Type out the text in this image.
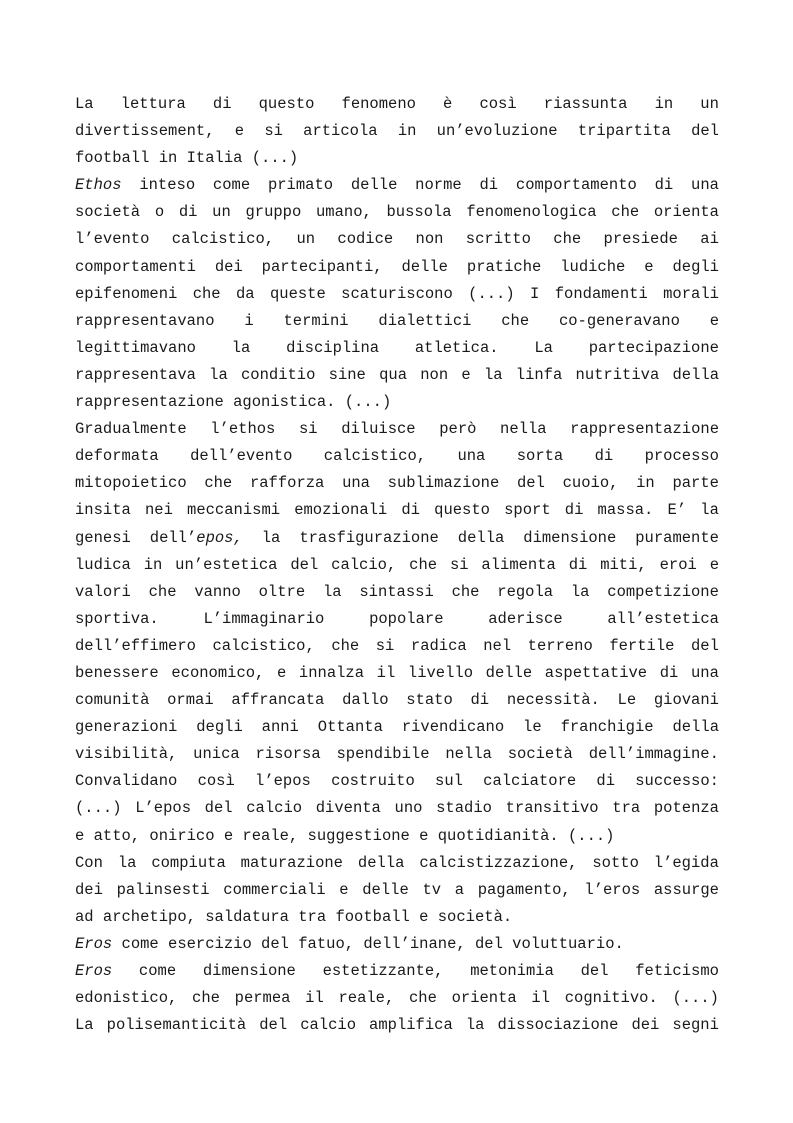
La lettura di questo fenomeno è così riassunta in un
divertissement, e si articola in un’evoluzione tripartita del
football in Italia (...)
Ethos inteso come primato delle norme di comportamento di una
società o di un gruppo umano, bussola fenomenologica che orienta
l’evento calcistico, un codice non scritto che presiede ai
comportamenti dei partecipanti, delle pratiche ludiche e degli
epifenomeni che da queste scaturiscono (...) I fondamenti morali
rappresentavano i termini dialettici che co-generavano e
legittimavano la disciplina atletica. La partecipazione
rappresentava la conditio sine qua non e la linfa nutritiva della
rappresentazione agonistica. (...)
Gradualmente l’ethos si diluisce però nella rappresentazione
deformata dell’evento calcistico, una sorta di processo
mitopoietico che rafforza una sublimazione del cuoio, in parte
insita nei meccanismi emozionali di questo sport di massa. E’ la
genesi dell’epos, la trasfigurazione della dimensione puramente
ludica in un’estetica del calcio, che si alimenta di miti, eroi e
valori che vanno oltre la sintassi che regola la competizione
sportiva.	L’immaginario	popolare	aderisce	all’estetica
dell’effimero calcistico, che si radica nel terreno fertile del
benessere economico, e innalza il livello delle aspettative di una
comunità ormai affrancata dallo stato di necessità. Le giovani
generazioni degli anni Ottanta rivendicano le franchigie della
visibilità, unica risorsa spendibile nella società dell’immagine.
Convalidano così l’epos costruito sul calciatore di successo:
(...) L’epos del calcio diventa uno stadio transitivo tra potenza
e atto, onirico e reale, suggestione e quotidianità. (...)
Con la compiuta maturazione della calcistizzazione, sotto l’egida
dei palinsesti commerciali e delle tv a pagamento, l’eros assurge
ad archetipo, saldatura tra football e società.
Eros come esercizio del fatuo, dell’inane, del voluttuario.
Eros come dimensione estetizzante, metonimia del feticismo
edonistico, che permea il reale, che orienta il cognitivo. (...)
La polisemanticità del calcio amplifica la dissociazione dei segni
